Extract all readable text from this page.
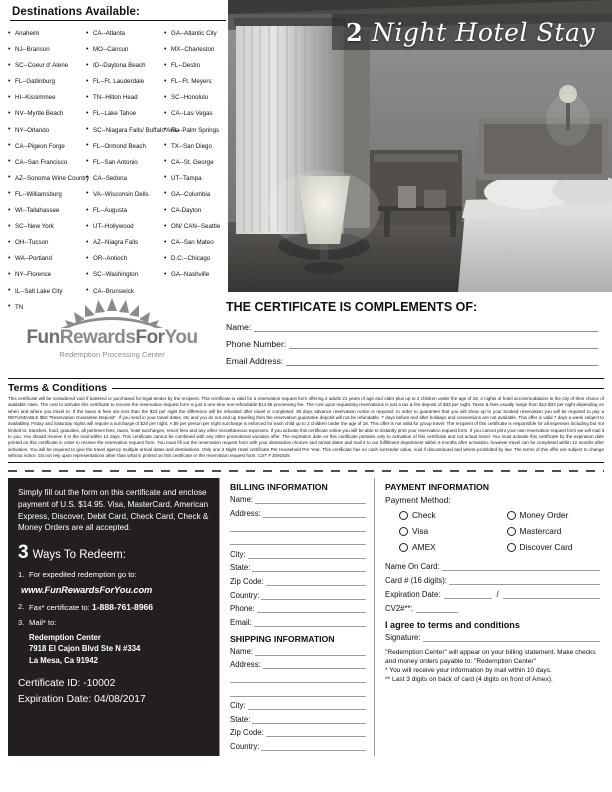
Destinations Available:
• Anaheim
• NJ--Branson
• SC--Coeur d' Alene
• FL--Gatlinburg
• HI--Kissimmee
• NV--Myrtle Beach
• NY--Orlando
• CA--Pigeon Forge
• CA--San Francisco
• AZ--Sonoma Wine Country
• FL--Williamsburg
• WI--Tallahassee
• SC--New York
• OH--Tucson
• WA--Portland
• NY--Florence
• IL--Salt Lake City
• TN
• CA--Atlanta
• MO--Cancun
• ID--Daytona Beach
• FL--Ft. Lauderdale
• TN--Hilton Head
• FL--Lake Tahoe
• SC--Niagara Falls/ Buffalo Area
• FL--Ormond Beach
• FL--San Antonio
• CA--Sedona
• VA--Wisconsin Dells
• FL--Augusta
• UT--Hollywood
• AZ--Niagra Falls
• OR--Antioch
• SC--Washington
• CA--Brunswick
• GA--Atlantic City
• MX--Charleston
• FL--Destin
• FL--Ft. Meyers
• SC--Honolulu
• CA--Las Vegas
• FL--Palm Springs
• TX--San Diego
• CA--St. George
• UT--Tampa
• GA--Columbia
• CA-Dayton
• ON/ CAN--Seattle
• CA--San Mateo
• D.C.--Chicago
• GA--Nashville
2 Night Hotel Stay
FunRewardsForYou
Redemption Processing Center
THE CERTIFICATE IS COMPLEMENTS OF:
Name:
Phone Number:
Email Address:
Terms & Conditions
This certificate will be considered void if bartered or purchased for legal tender by the recipient. This certificate is valid for a reservation request form offering 2 adults 21 years of age and older plus up to 2 children under the age of 18, 2 nights of hotel accommodations in the city of their choice of available cities. The cost to activate this certificate to receive the reservation request form is just a one-time non-refundable $14.95 processing fee. The cost upon requesting reservations is just a tax & fee deposit of $33 per night. Taxes & fees usually range from $12-$33 per night depending on when and where you travel to. If the taxes & fees are less than the $33 per night the difference will be refunded after travel is completed. 30 days advance reservation notice is required. In order to guarantee that you will show up to your booked reservation you will be required to pay a REFUNDABLE $50 "Reservation Guarantee Deposit". If you send in your travel dates, etc and you do not end up traveling then the reservation guarantee deposit will not be refundable. 7 days before and after holidays and conventions are not available. This offer is valid 7 days a week subject to availability. Friday and Saturday nights will require a surcharge of $20 per night. A $5 per person per night surcharge is enforced for each child up to 2 children under the age of 18. This offer is not valid for group travel. The recipient of this certificate is responsible for all expenses including but not limited to: transfers, food, gratuities, all pertinent fees, taxes, hotel surcharges, resort fees and any other miscellaneous expenses. If you activate this certificate online you will be able to instantly print your reservation request form. If you cannot print your own reservation request form we will mail it to you. You should receive it in the mail within 14 days. This certificate cannot be combined with any other promotional vacation offer. The expiration date on this certificate pertains only to activation of this certificate and not actual travel. You must activate this certificate by the expiration date printed on this certificate in order to receive the reservation request form. You must fill out the reservation request form with your destination choices and arrival dates and mail it to our fulfillment department within 6 months after activation, however travel can be completed within 12 months after activation. You will be required to give the travel agency multiple arrival dates and destinations. Only one 2 Night Hotel certificate Per Household Per Year. This certificate has no cash surrender value, void if discontinued and where prohibited by law. The terms of this offer are subject to change without notice. Do not rely upon representations other than what is printed on this certificate or the reservation request form. CST # 2091925
Simply fill out the form on this certificate and enclose payment of U.S. $14.95. Visa, MasterCard, American Express, Discover, Debit Card, Check Card, Check & Money Orders are all accepted.
3 Ways To Redeem:
1. For expedited redemption go to:
www.FunRewardsForYou.com
2. Fax* certificate to: 1-888-761-8966
3. Mail* to:
Redemption Center
7918 El Cajon Blvd Ste N #334
La Mesa, Ca 91942
Certificate ID: -10002
Expiration Date: 04/08/2017
BILLING INFORMATION
Name:
Address:
City:
State:
Zip Code:
Country:
Phone:
Email:
SHIPPING INFORMATION
Name:
Address:
City:
State:
Zip Code:
Country:
PAYMENT INFORMATION
Payment Method:
Check
Visa
AMEX
Money Order
Mastercard
Discover Card
Name On Card:
Card # (16 digits):
Expiration Date:	/
CV2#**:
I agree to terms and conditions
Signature:
"Redemption Center" will appear on your billing statement. Make checks and money orders payable to: "Redemption Center"
* You will receive your information by mail within 10 days.
** Last 3 digits on back of card (4 digits on front of Amex).
